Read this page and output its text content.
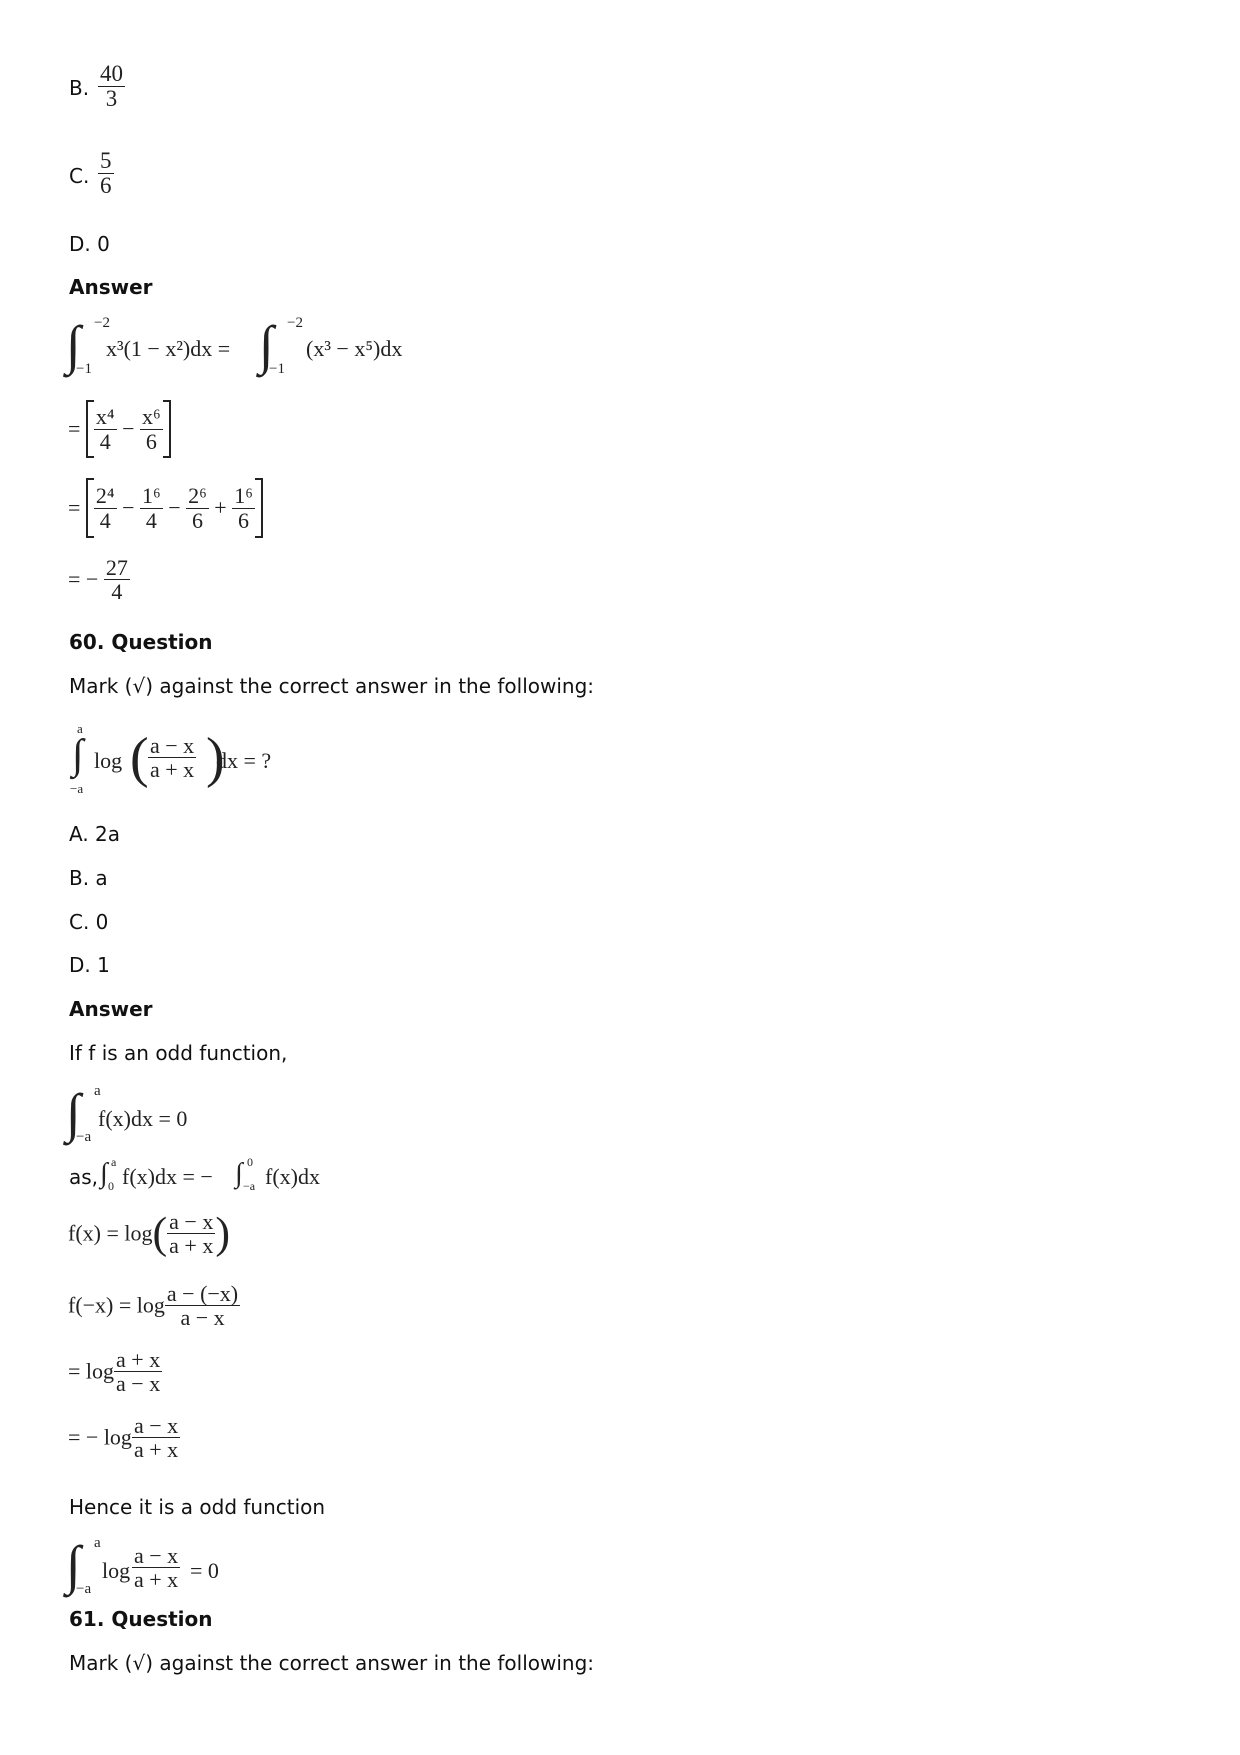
B. $\frac{40}{3}$
C. $\frac{5}{6}$
D. 0
Answer
∫ −2
−1
x³(1 − x²)dx = ∫ −2
−1
(x³ − x⁵)dx
= $\frac{\text{x⁴}}{4} - \frac{\text{x⁶}}{6}$
= $\frac{\text{2⁴}}{4} - \frac{\text{1⁶}}{4} - \frac{\text{2⁶}}{6} + \frac{\text{1⁶}}{6}$
= − $\frac{27}{4}$
60. Question
Mark (√) against the correct answer in the following:
a
∫
−a
log ( a − x
a + x )
dx = ?
A. 2a
B. a
C. 0
D. 1
Answer
If f is an odd function,
∫ a
−a
f(x)dx = 0
as, ∫ a
0 f(x)dx = − ∫ 0
−a f(x)dx
$f(x) = \log( \frac{a - x}{a + x}$ )
$f(-x) = \log \frac{a - (-x)}{a - x}$
= $\log \frac{a + x}{a - x}$
= − $\log \frac{a - x}{a + x}$
Hence it is a odd function
∫ a
−a
log
a − x
a + x = 0
61. Question
Mark (√) against the correct answer in the following:
